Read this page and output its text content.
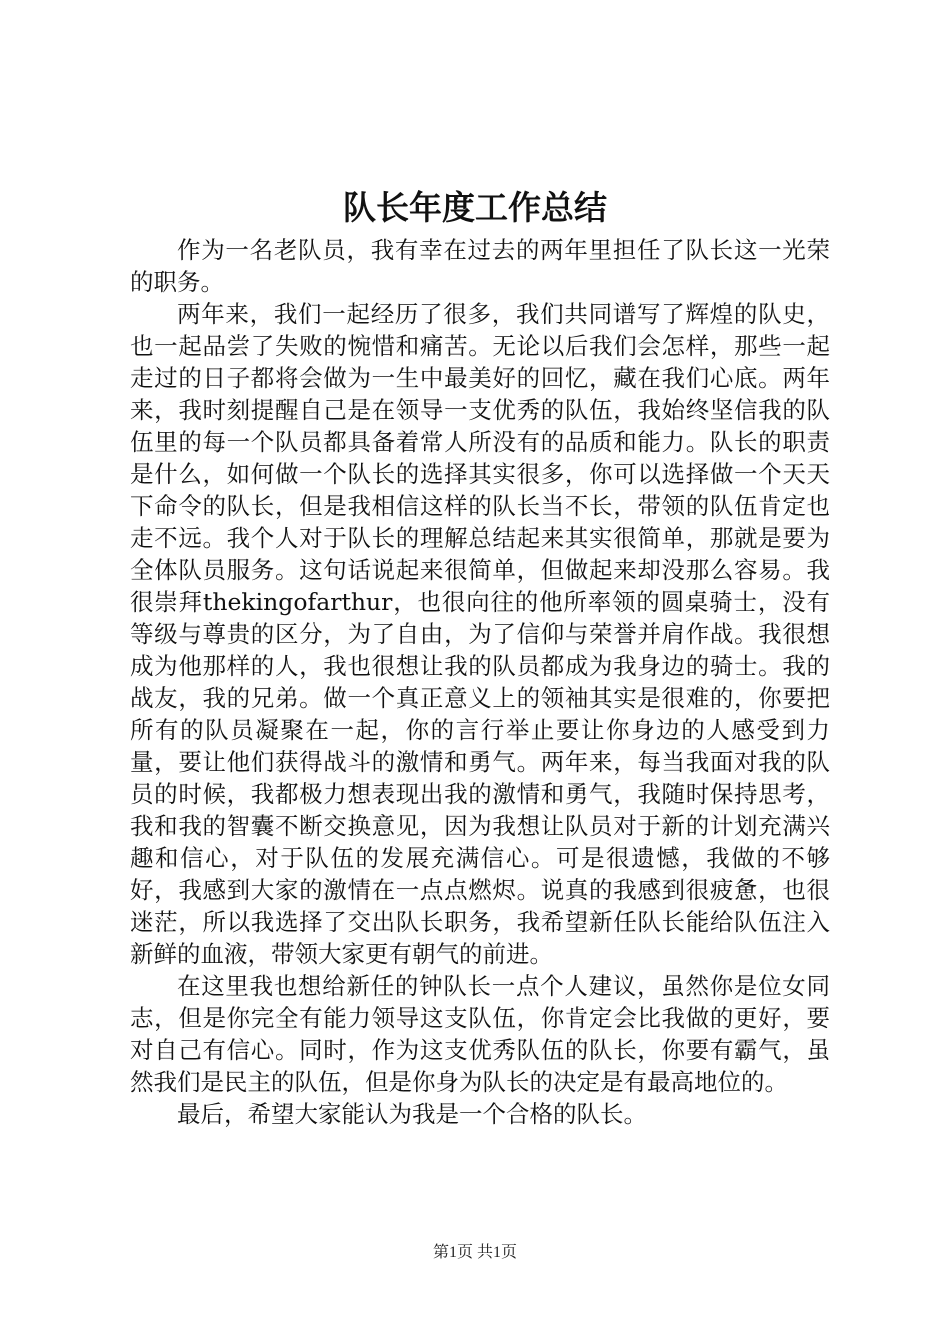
队长年度工作总结

作为一名老队员，我有幸在过去的两年里担任了队长这一光荣的职务。

两年来，我们一起经历了很多，我们共同谱写了辉煌的队史，也一起品尝了失败的惋惜和痛苦。无论以后我们会怎样，那些一起走过的日子都将会做为一生中最美好的回忆，藏在我们心底。两年来，我时刻提醒自己是在领导一支优秀的队伍，我始终坚信我的队伍里的每一个队员都具备着常人所没有的品质和能力。队长的职责是什么，如何做一个队长的选择其实很多，你可以选择做一个天天下命令的队长，但是我相信这样的队长当不长，带领的队伍肯定也走不远。我个人对于队长的理解总结起来其实很简单，那就是要为全体队员服务。这句话说起来很简单，但做起来却没那么容易。我很崇拜thekingofarthur，也很向往的他所率领的圆桌骑士，没有等级与尊贵的区分，为了自由，为了信仰与荣誉并肩作战。我很想成为他那样的人，我也很想让我的队员都成为我身边的骑士。我的战友，我的兄弟。做一个真正意义上的领袖其实是很难的，你要把所有的队员凝聚在一起，你的言行举止要让你身边的人感受到力量，要让他们获得战斗的激情和勇气。两年来，每当我面对我的队员的时候，我都极力想表现出我的激情和勇气，我随时保持思考，我和我的智囊不断交换意见，因为我想让队员对于新的计划充满兴趣和信心，对于队伍的发展充满信心。可是很遗憾，我做的不够好，我感到大家的激情在一点点燃烬。说真的我感到很疲惫，也很迷茫，所以我选择了交出队长职务，我希望新任队长能给队伍注入新鲜的血液，带领大家更有朝气的前进。

在这里我也想给新任的钟队长一点个人建议，虽然你是位女同志，但是你完全有能力领导这支队伍，你肯定会比我做的更好，要对自己有信心。同时，作为这支优秀队伍的队长，你要有霸气，虽然我们是民主的队伍，但是你身为队长的决定是有最高地位的。

最后，希望大家能认为我是一个合格的队长。

第1页 共1页
